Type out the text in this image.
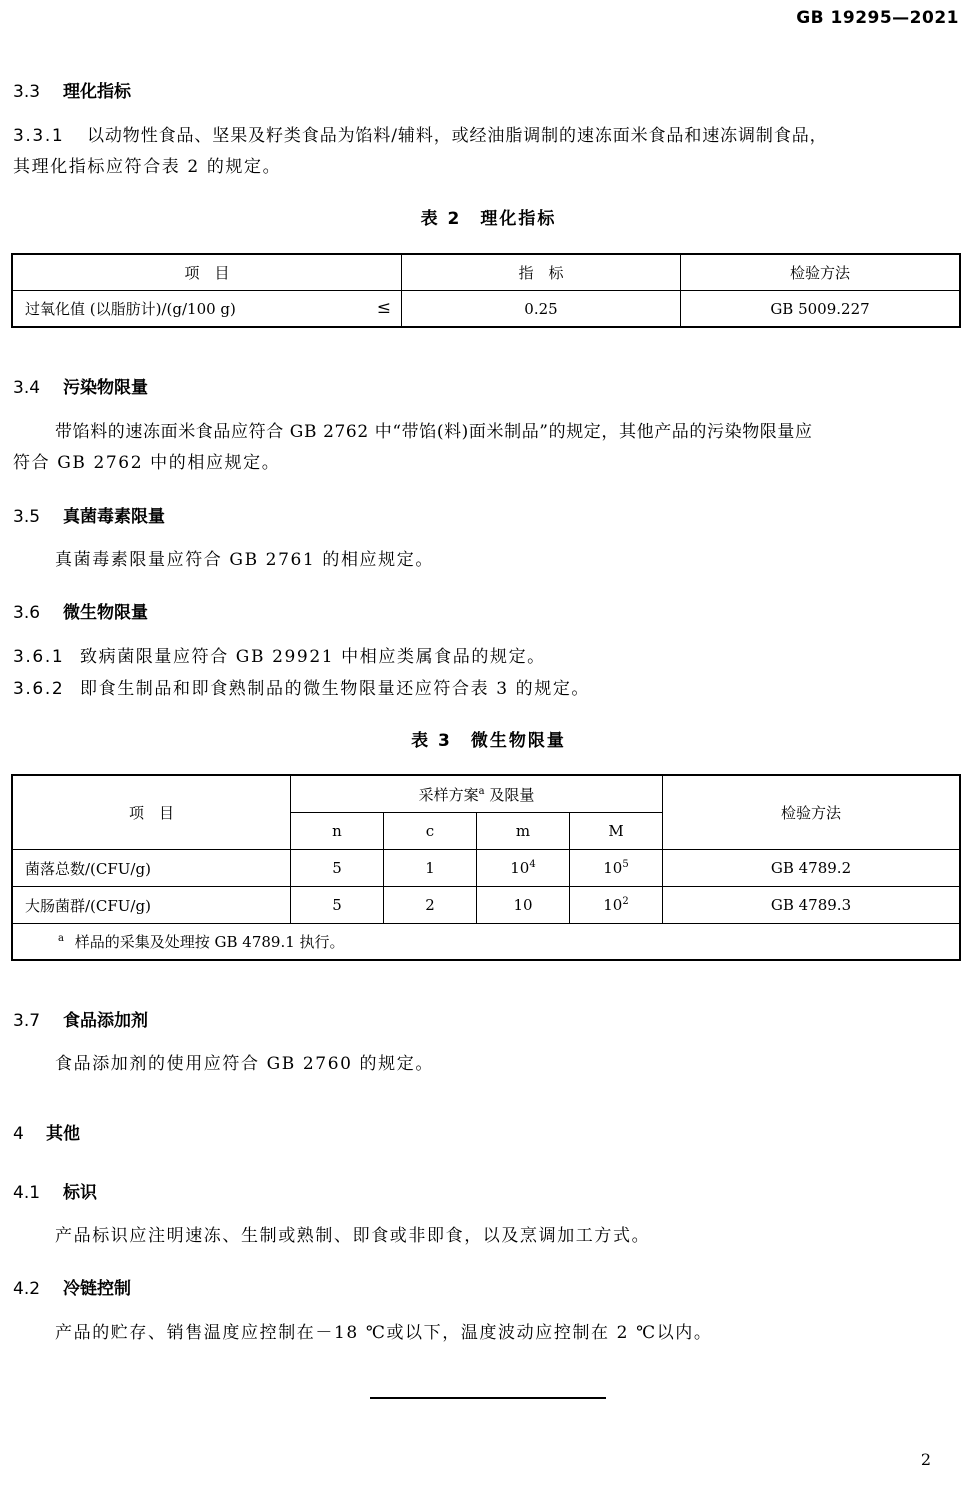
GB 19295—2021
3.3 理化指标
3.3.1 以动物性食品、坚果及籽类食品为馅料/辅料，或经油脂调制的速冻面米食品和速冻调制食品，
其理化指标应符合表 2 的规定。
表 2　理化指标
项　目	指　标	检验方法
过氧化值 (以脂肪计)/(g/100 g) ≤	0.25	GB 5009.227
3.4 污染物限量
带馅料的速冻面米食品应符合 GB 2762 中“带馅(料)面米制品”的规定，其他产品的污染物限量应
符合 GB 2762 中的相应规定。
3.5 真菌毒素限量
真菌毒素限量应符合 GB 2761 的相应规定。
3.6 微生物限量
3.6.1 致病菌限量应符合 GB 29921 中相应类属食品的规定。
3.6.2 即食生制品和即食熟制品的微生物限量还应符合表 3 的规定。
表 3　微生物限量
项　目	采样方案$^a$ 及限量				检验方法
	n	c	m	M	
菌落总数/(CFU/g)	5	1	$10^4$	$10^5$	GB 4789.2
大肠菌群/(CFU/g)	5	2	10	$10^2$	GB 4789.3
$^a$ 样品的采集及处理按 GB 4789.1 执行。					
3.7 食品添加剂
食品添加剂的使用应符合 GB 2760 的规定。
4 其他
4.1 标识
产品标识应注明速冻、生制或熟制、即食或非即食，以及烹调加工方式。
4.2 冷链控制
产品的贮存、销售温度应控制在－18 ℃或以下，温度波动应控制在 2 ℃以内。
2
